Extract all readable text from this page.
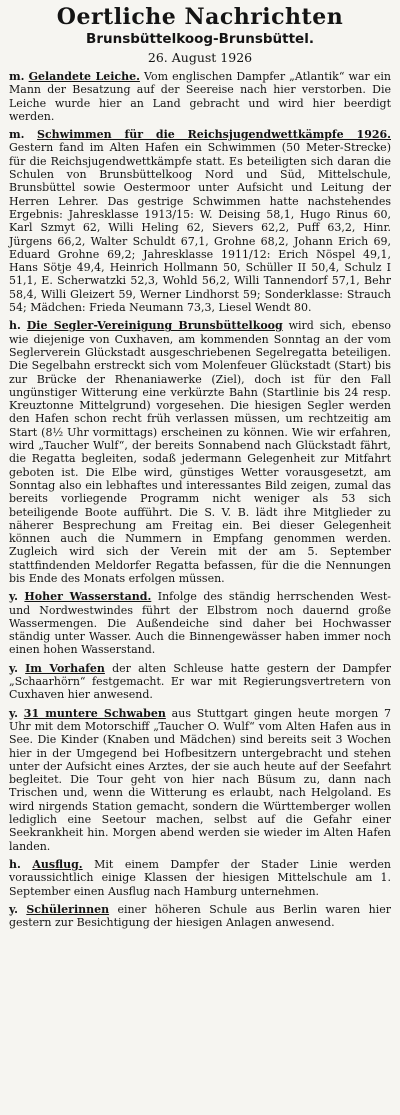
Oertliche Nachrichten
Brunsbüttelkoog-Brunsbüttel.
26. August 1926

m. Gelandete Leiche. Vom englischen Dampfer „Atlantik“ war ein Mann der Besatzung auf der Seereise nach hier verstorben. Die Leiche wurde hier an Land gebracht und wird hier beerdigt werden.

m. Schwimmen für die Reichsjugendwettkämpfe 1926. Gestern fand im Alten Hafen ein Schwimmen (50 Meter-Strecke) für die Reichsjugendwettkämpfe statt. Es beteiligten sich daran die Schulen von Brunsbüttelkoog Nord und Süd, Mittelschule, Brunsbüttel sowie Oestermoor unter Aufsicht und Leitung der Herren Lehrer. Das gestrige Schwimmen hatte nachstehendes Ergebnis: Jahresklasse 1913/15: W. Deising 58,1, Hugo Rinus 60, Karl Szmyt 62, Willi Heling 62, Sievers 62,2, Puff 63,2, Hinr. Jürgens 66,2, Walter Schuldt 67,1, Grohne 68,2, Johann Erich 69, Eduard Grohne 69,2; Jahresklasse 1911/12: Erich Nöspel 49,1, Hans Sötje 49,4, Heinrich Hollmann 50, Schüller II 50,4, Schulz I 51,1, E. Scherwatzki 52,3, Wohld 56,2, Willi Tannendorf 57,1, Behr 58,4, Willi Gleizert 59, Werner Lindhorst 59; Sonderklasse: Strauch 54; Mädchen: Frieda Neumann 73,3, Liesel Wendt 80.

h. Die Segler-Vereinigung Brunsbüttelkoog wird sich, ebenso wie diejenige von Cuxhaven, am kommenden Sonntag an der vom Seglerverein Glückstadt ausgeschriebenen Segelregatta beteiligen. Die Segelbahn erstreckt sich vom Molenfeuer Glückstadt (Start) bis zur Brücke der Rhenaniawerke (Ziel), doch ist für den Fall ungünstiger Witterung eine verkürzte Bahn (Startlinie bis 24 resp. Kreuztonne Mittelgrund) vorgesehen. Die hiesigen Segler werden den Hafen schon recht früh verlassen müssen, um rechtzeitig am Start (8½ Uhr vormittags) erscheinen zu können. Wie wir erfahren, wird „Taucher Wulf“, der bereits Sonnabend nach Glückstadt fährt, die Regatta begleiten, sodaß jedermann Gelegenheit zur Mitfahrt geboten ist. Die Elbe wird, günstiges Wetter vorausgesetzt, am Sonntag also ein lebhaftes und interessantes Bild zeigen, zumal das bereits vorliegende Programm nicht weniger als 53 sich beteiligende Boote aufführt. Die S. V. B. lädt ihre Mitglieder zu näherer Besprechung am Freitag ein. Bei dieser Gelegenheit können auch die Nummern in Empfang genommen werden. Zugleich wird sich der Verein mit der am 5. September stattfindenden Meldorfer Regatta befassen, für die die Nennungen bis Ende des Monats erfolgen müssen.

y. Hoher Wasserstand. Infolge des ständig herrschenden West- und Nordwestwindes führt der Elbstrom noch dauernd große Wassermengen. Die Außendeiche sind daher bei Hochwasser ständig unter Wasser. Auch die Binnengewässer haben immer noch einen hohen Wasserstand.

y. Im Vorhafen der alten Schleuse hatte gestern der Dampfer „Schaarhörn“ festgemacht. Er war mit Regierungsvertretern von Cuxhaven hier anwesend.

y. 31 muntere Schwaben aus Stuttgart gingen heute morgen 7 Uhr mit dem Motorschiff „Taucher O. Wulf“ vom Alten Hafen aus in See. Die Kinder (Knaben und Mädchen) sind bereits seit 3 Wochen hier in der Umgegend bei Hofbesitzern untergebracht und stehen unter der Aufsicht eines Arztes, der sie auch heute auf der Seefahrt begleitet. Die Tour geht von hier nach Büsum zu, dann nach Trischen und, wenn die Witterung es erlaubt, nach Helgoland. Es wird nirgends Station gemacht, sondern die Württemberger wollen lediglich eine Seetour machen, selbst auf die Gefahr einer Seekrankheit hin. Morgen abend werden sie wieder im Alten Hafen landen.

h. Ausflug. Mit einem Dampfer der Stader Linie werden voraussichtlich einige Klassen der hiesigen Mittelschule am 1. September einen Ausflug nach Hamburg unternehmen.

y. Schülerinnen einer höheren Schule aus Berlin waren hier gestern zur Besichtigung der hiesigen Anlagen anwesend.
